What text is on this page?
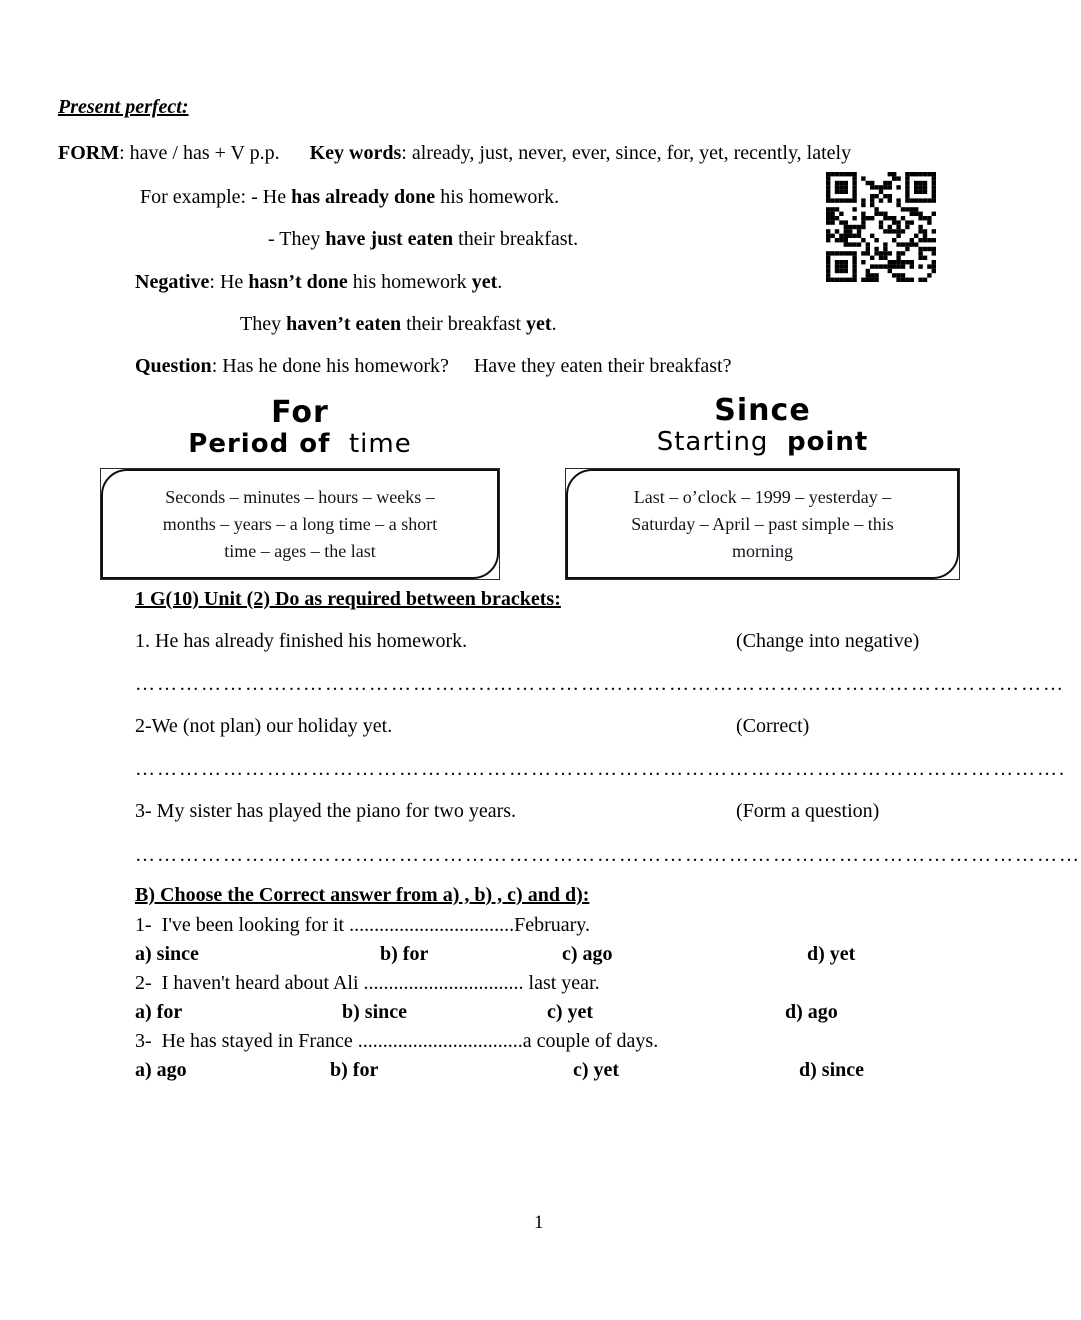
Present perfect:
FORM: have / has + V p.p.      Key words: already, just, never, ever, since, for, yet, recently, lately
For example: - He has already done his homework.
- They have just eaten their breakfast.
Negative: He hasn’t done his homework yet.
They haven’t eaten their breakfast yet.
Question: Has he done his homework?     Have they eaten their breakfast?
For
Period of  time
Since
Starting  point
Seconds – minutes – hours – weeks –
months – years – a long time – a short
time – ages – the last
Last – o’clock – 1999 – yesterday –
Saturday – April – past simple – this
morning
1 G(10) Unit (2) Do as required between brackets:
1. He has already finished his homework.	(Change into negative)
…………………..……………………..……………………………………………………………………
2-We (not plan) our holiday yet.	(Correct)
……………………………………………………………………………………………………………….
3- My sister has played the piano for two years.	(Form a question)
…………………………………………………………………………………………………………………
B) Choose the Correct answer from a) , b) , c) and d):
1-  I've been looking for it .................................February.
a) since	b) for	c) ago	d) yet
2-  I haven't heard about Ali ................................ last year.
a) for	b) since	c) yet	d) ago
3-  He has stayed in France .................................a couple of days.
a) ago	b) for	c) yet	d) since
1
